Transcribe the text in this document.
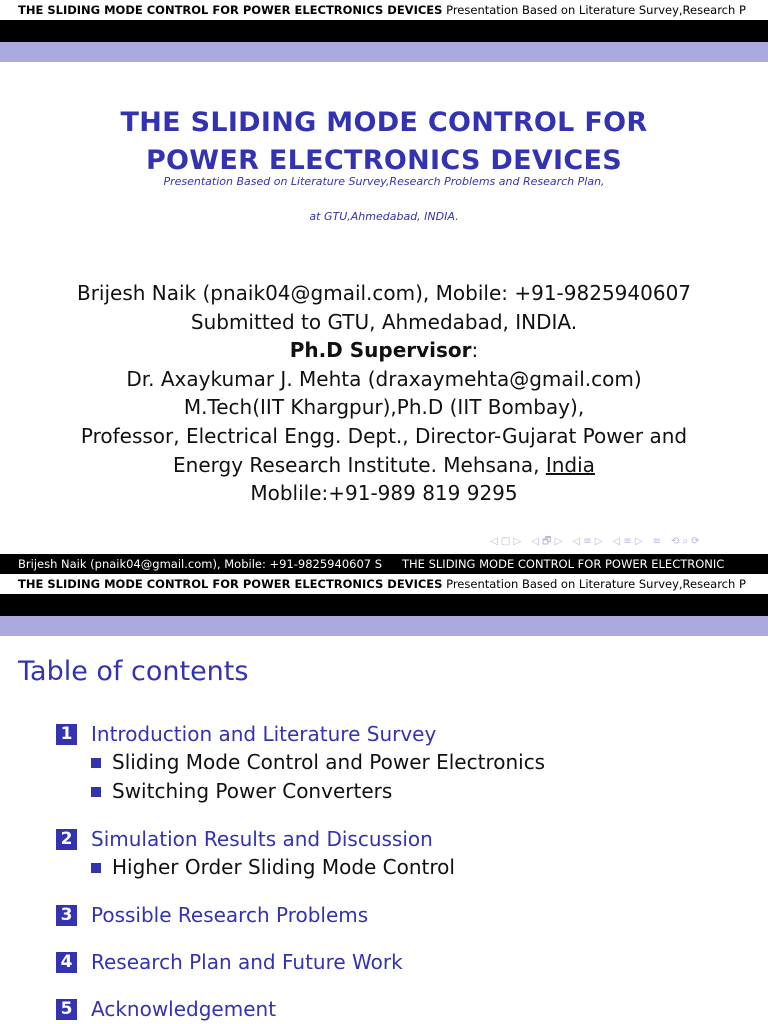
THE SLIDING MODE CONTROL FOR POWER ELECTRONICS DEVICES Presentation Based on Literature Survey,Research P
THE SLIDING MODE CONTROL FOR
POWER ELECTRONICS DEVICES
Presentation Based on Literature Survey,Research Problems and Research Plan,
at GTU,Ahmedabad, INDIA.
Brijesh Naik (pnaik04@gmail.com), Mobile: +91-9825940607
Submitted to GTU, Ahmedabad, INDIA.
Ph.D Supervisor:
Dr. Axaykumar J. Mehta (draxaymehta@gmail.com)
M.Tech(IIT Khargpur),Ph.D (IIT Bombay),
Professor, Electrical Engg. Dept., Director-Gujarat Power and
Energy Research Institute. Mehsana, India
Moblile:+91-989 819 9295
◁ □ ▷ ◁ 🗗 ▷ ◁ ≡ ▷ ◁ ≡ ▷ ≡ ⟲ ⌕ ⟳
Brijesh Naik (pnaik04@gmail.com), Mobile: +91-9825940607 S	THE SLIDING MODE CONTROL FOR POWER ELECTRONIC
THE SLIDING MODE CONTROL FOR POWER ELECTRONICS DEVICES Presentation Based on Literature Survey,Research P
Table of contents
1 Introduction and Literature Survey
Sliding Mode Control and Power Electronics
Switching Power Converters
2 Simulation Results and Discussion
Higher Order Sliding Mode Control
3 Possible Research Problems
4 Research Plan and Future Work
5 Acknowledgement
